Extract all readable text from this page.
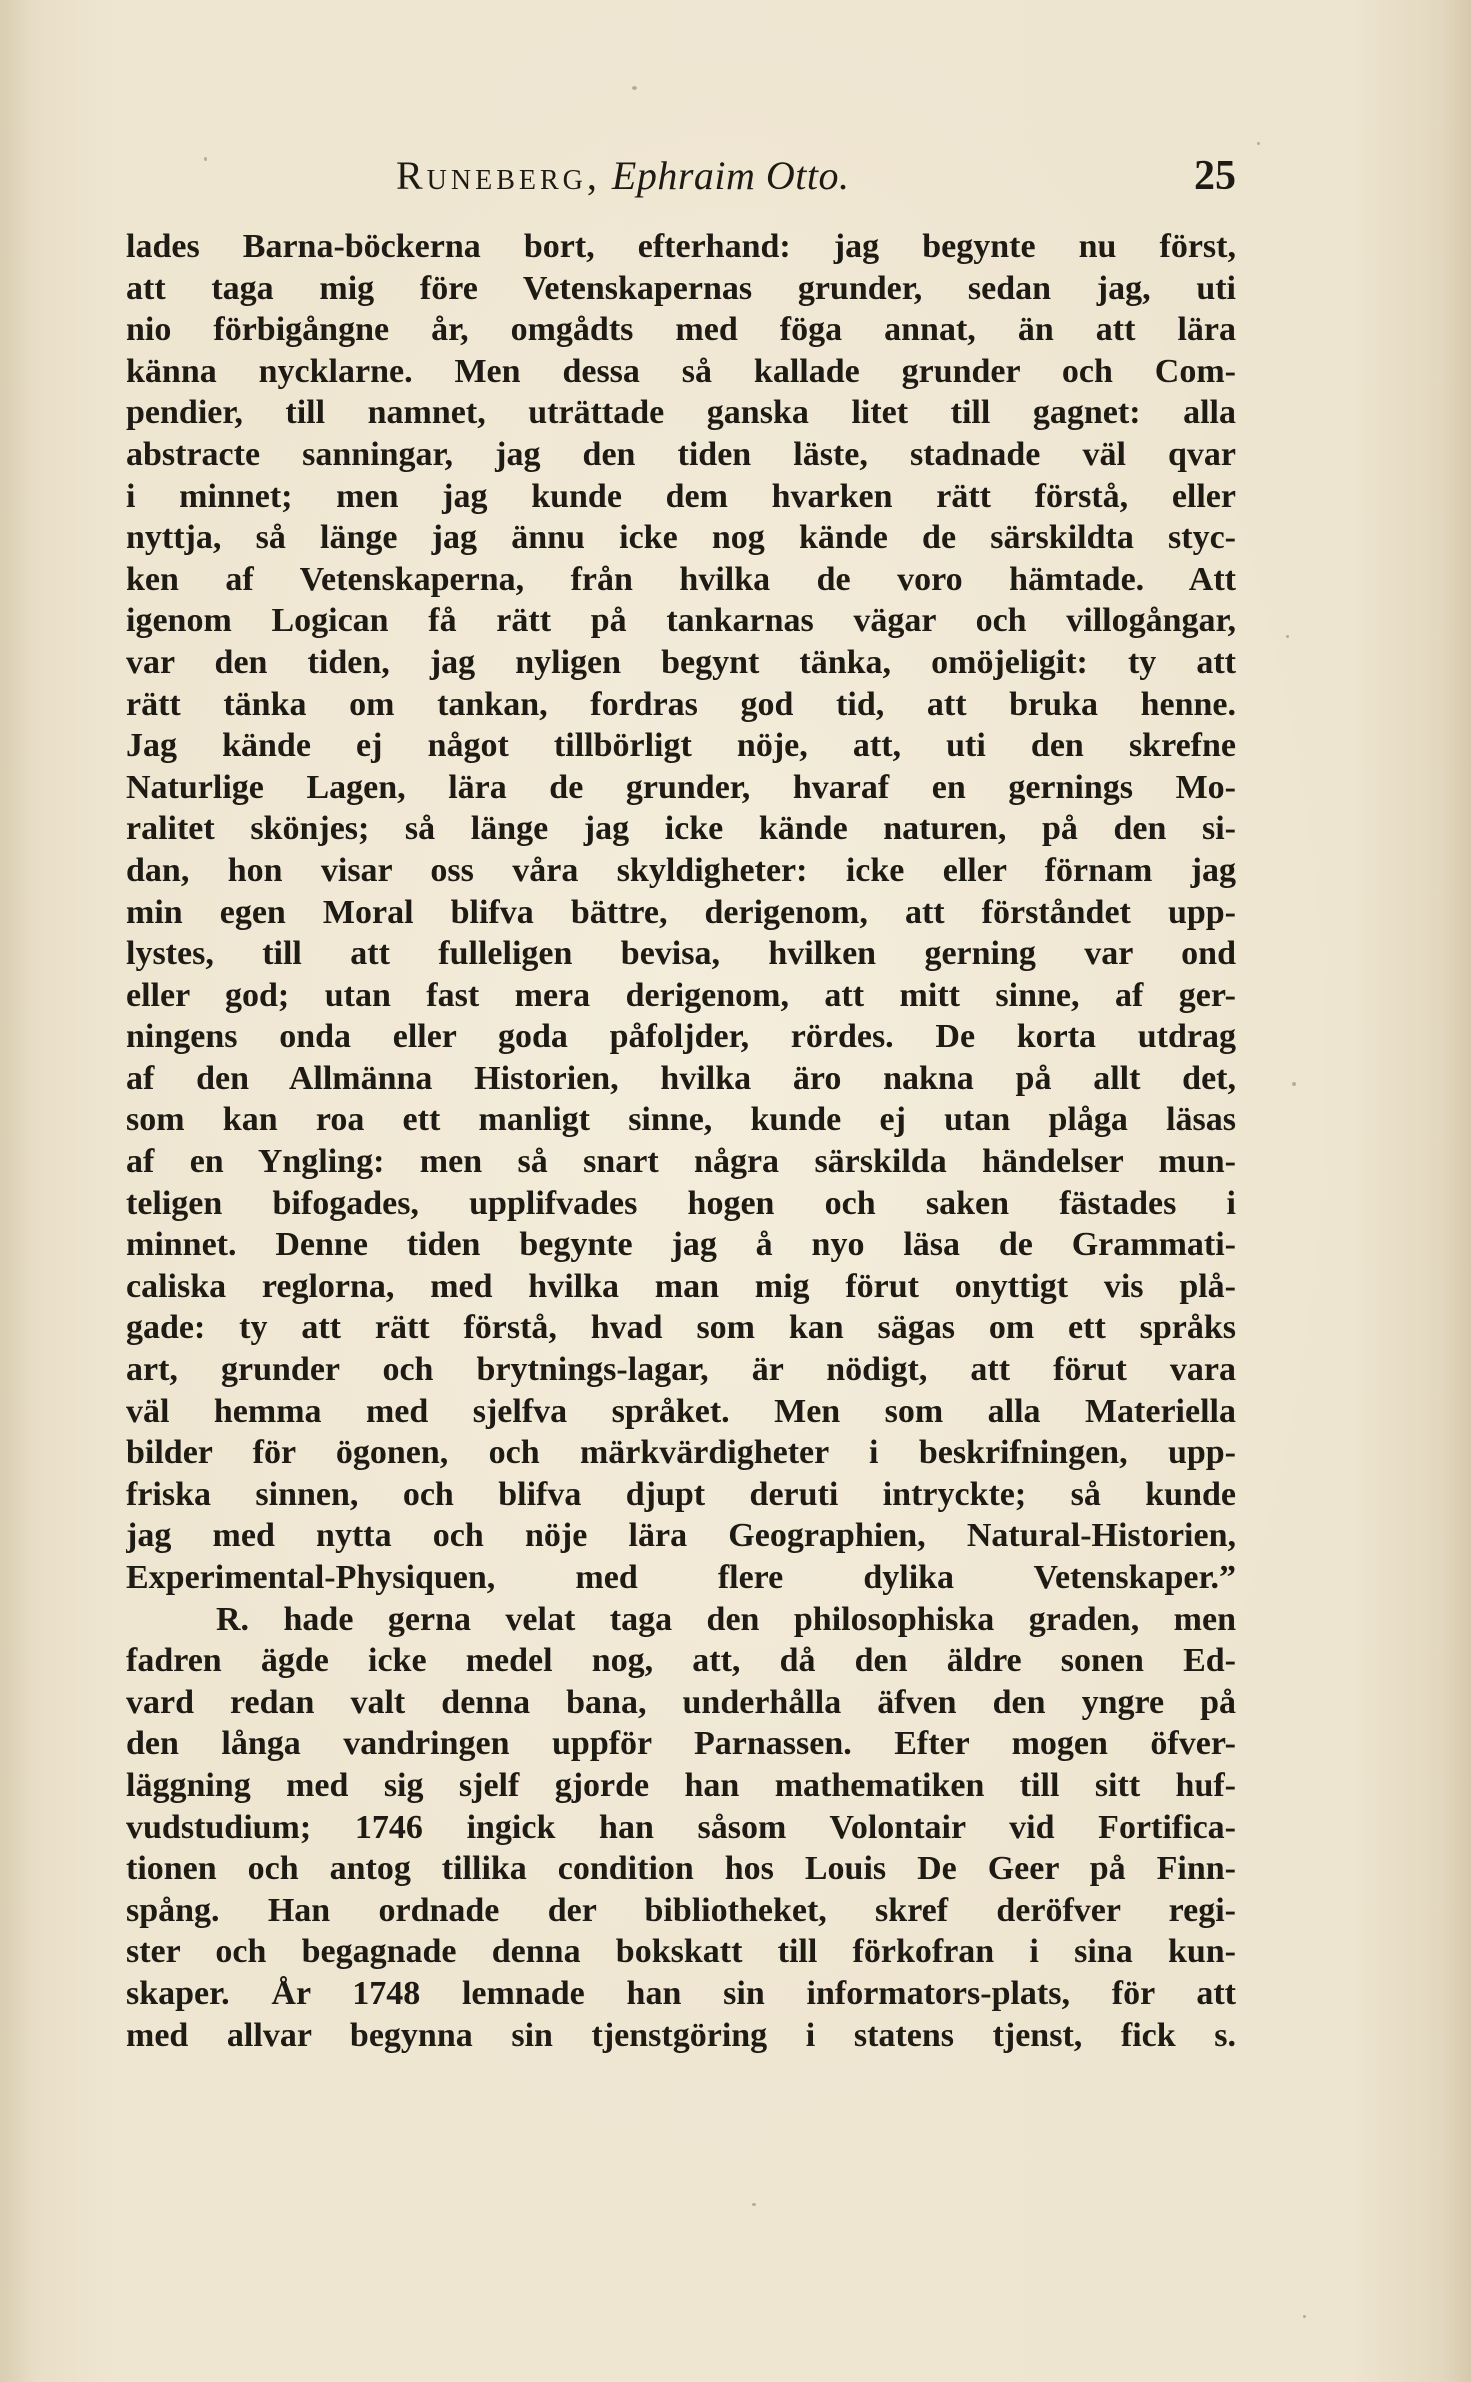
Runeberg, Ephraim Otto.	25
lades Barna-böckerna bort, efterhand: jag begynte nu först,
att taga mig före Vetenskapernas grunder, sedan jag, uti
nio förbigångne år, omgådts med föga annat, än att lära
känna nycklarne. Men dessa så kallade grunder och Com-
pendier, till namnet, uträttade ganska litet till gagnet: alla
abstracte sanningar, jag den tiden läste, stadnade väl qvar
i minnet; men jag kunde dem hvarken rätt förstå, eller
nyttja, så länge jag ännu icke nog kände de särskildta styc-
ken af Vetenskaperna, från hvilka de voro hämtade. Att
igenom Logican få rätt på tankarnas vägar och villogångar,
var den tiden, jag nyligen begynt tänka, omöjeligit: ty att
rätt tänka om tankan, fordras god tid, att bruka henne.
Jag kände ej något tillbörligt nöje, att, uti den skrefne
Naturlige Lagen, lära de grunder, hvaraf en gernings Mo-
ralitet skönjes; så länge jag icke kände naturen, på den si-
dan, hon visar oss våra skyldigheter: icke eller förnam jag
min egen Moral blifva bättre, derigenom, att förståndet upp-
lystes, till att fulleligen bevisa, hvilken gerning var ond
eller god; utan fast mera derigenom, att mitt sinne, af ger-
ningens onda eller goda påfoljder, rördes. De korta utdrag
af den Allmänna Historien, hvilka äro nakna på allt det,
som kan roa ett manligt sinne, kunde ej utan plåga läsas
af en Yngling: men så snart några särskilda händelser mun-
teligen bifogades, upplifvades hogen och saken fästades i
minnet. Denne tiden begynte jag å nyo läsa de Grammati-
caliska reglorna, med hvilka man mig förut onyttigt vis plå-
gade: ty att rätt förstå, hvad som kan sägas om ett språks
art, grunder och brytnings-lagar, är nödigt, att förut vara
väl hemma med sjelfva språket. Men som alla Materiella
bilder för ögonen, och märkvärdigheter i beskrifningen, upp-
friska sinnen, och blifva djupt deruti intryckte; så kunde
jag med nytta och nöje lära Geographien, Natural-Historien,
Experimental-Physiquen, med flere dylika Vetenskaper.”
R. hade gerna velat taga den philosophiska graden, men
fadren ägde icke medel nog, att, då den äldre sonen Ed-
vard redan valt denna bana, underhålla äfven den yngre på
den långa vandringen uppför Parnassen. Efter mogen öfver-
läggning med sig sjelf gjorde han mathematiken till sitt huf-
vudstudium; 1746 ingick han såsom Volontair vid Fortifica-
tionen och antog tillika condition hos Louis De Geer på Finn-
spång. Han ordnade der bibliotheket, skref deröfver regi-
ster och begagnade denna bokskatt till förkofran i sina kun-
skaper. År 1748 lemnade han sin informators-plats, för att
med allvar begynna sin tjenstgöring i statens tjenst, fick s.
